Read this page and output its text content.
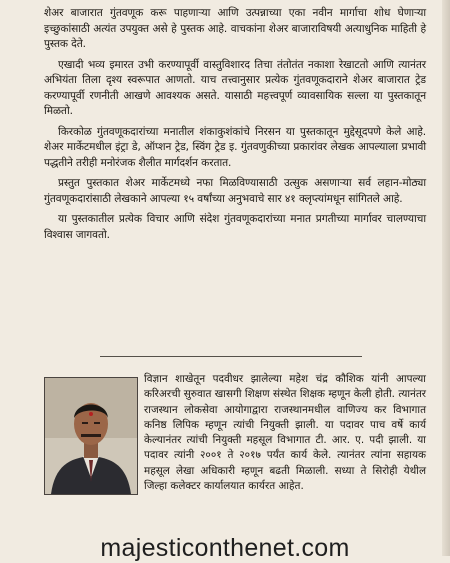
शेअर बाजारात गुंतवणूक करू पाहणाऱ्या आणि उत्पन्नाच्या एका नवीन मार्गाचा शोध घेणाऱ्या इच्छुकांसाठी अत्यंत उपयुक्त असे हे पुस्तक आहे. वाचकांना शेअर बाजाराविषयी अत्याधुनिक माहिती हे पुस्तक देते.

एखादी भव्य इमारत उभी करण्यापूर्वी वास्तुविशारद तिचा तंतोतंत नकाशा रेखाटतो आणि त्यानंतर अभियंता तिला दृश्य स्वरूपात आणतो. याच तत्त्वानुसार प्रत्येक गुंतवणूकदाराने शेअर बाजारात ट्रेड करण्यापूर्वी रणनीती आखणे आवश्यक असते. यासाठी महत्त्वपूर्ण व्यावसायिक सल्ला या पुस्तकातून मिळतो.

किरकोळ गुंतवणूकदारांच्या मनातील शंकाकुशंकांचे निरसन या पुस्तकातून मुद्देसूदपणे केले आहे. शेअर मार्केटमधील इंट्रा डे, ऑप्शन ट्रेड, स्विंग ट्रेड इ. गुंतवणुकीच्या प्रकारांवर लेखक आपल्याला प्रभावी पद्धतीने तरीही मनोरंजक शैलीत मार्गदर्शन करतात.

प्रस्तुत पुस्तकात शेअर मार्केटमध्ये नफा मिळविण्यासाठी उत्सुक असणाऱ्या सर्व लहान-मोठ्या गुंतवणूकदारांसाठी लेखकाने आपल्या १५ वर्षांच्या अनुभवाचे सार ४१ क्लृप्त्यांमधून सांगितले आहे.

या पुस्तकातील प्रत्येक विचार आणि संदेश गुंतवणूकदारांच्या मनात प्रगतीच्या मार्गावर चालण्याचा विश्वास जागवतो.

विज्ञान शाखेतून पदवीधर झालेल्या महेश चंद्र कौशिक यांनी आपल्या करिअरची सुरुवात खासगी शिक्षण संस्थेत शिक्षक म्हणून केली होती. त्यानंतर राजस्थान लोकसेवा आयोगाद्वारा राजस्थानमधील वाणिज्य कर विभागात कनिष्ठ लिपिक म्हणून त्यांची नियुक्ती झाली. या पदावर पाच वर्षे कार्य केल्यानंतर त्यांची नियुक्ती महसूल विभागात टी. आर. ए. पदी झाली. या पदावर त्यांनी २००१ ते २०१७ पर्यंत कार्य केले. त्यानंतर त्यांना सहायक महसूल लेखा अधिकारी म्हणून बढती मिळाली. सध्या ते सिरोही येथील जिल्हा कलेक्टर कार्यालयात कार्यरत आहेत.

majesticonthenet.com
